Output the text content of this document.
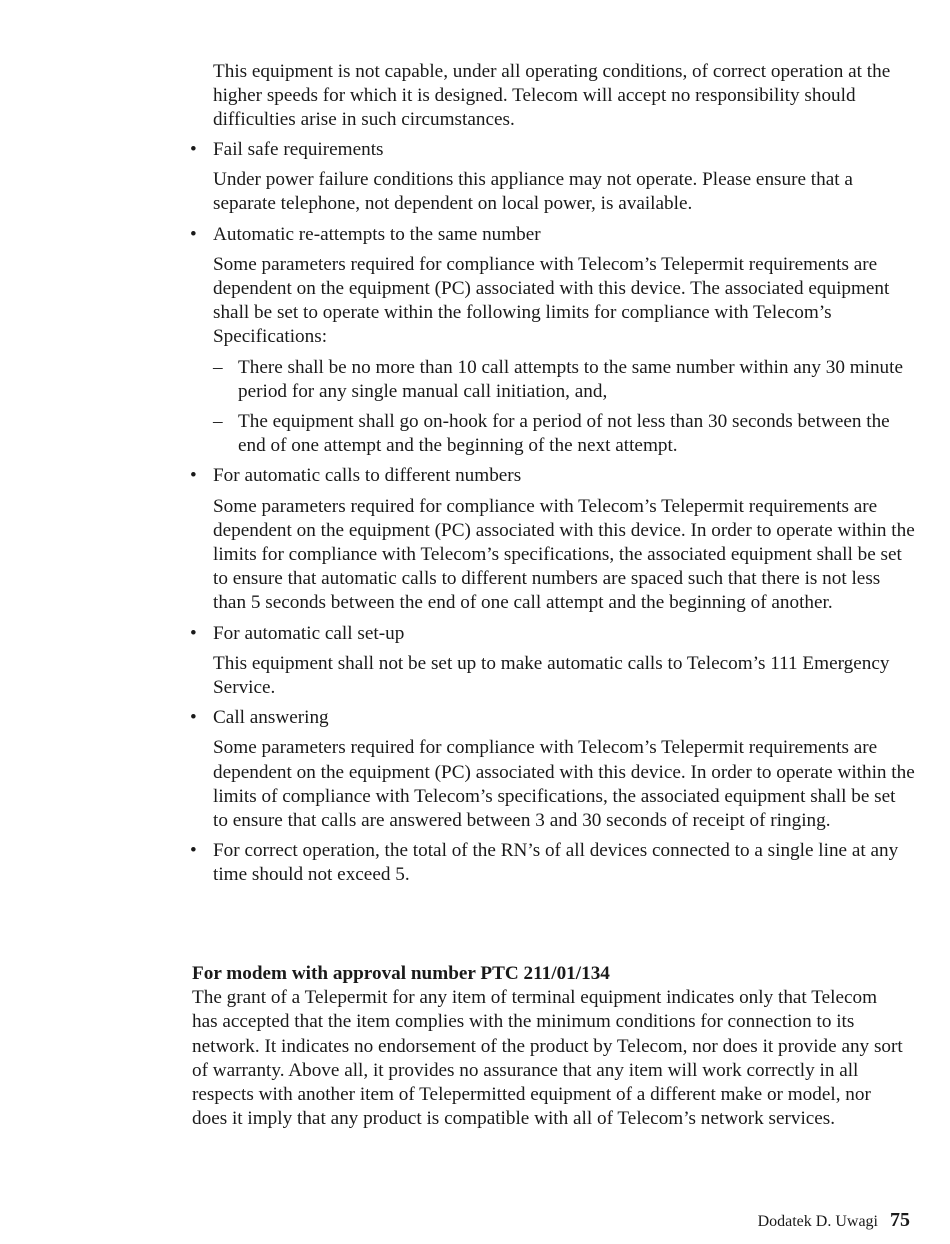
This equipment is not capable, under all operating conditions, of correct operation at the higher speeds for which it is designed. Telecom will accept no responsibility should difficulties arise in such circumstances.

• Fail safe requirements

Under power failure conditions this appliance may not operate. Please ensure that a separate telephone, not dependent on local power, is available.

• Automatic re-attempts to the same number

Some parameters required for compliance with Telecom’s Telepermit requirements are dependent on the equipment (PC) associated with this device. The associated equipment shall be set to operate within the following limits for compliance with Telecom’s Specifications:

– There shall be no more than 10 call attempts to the same number within any 30 minute period for any single manual call initiation, and,
– The equipment shall go on-hook for a period of not less than 30 seconds between the end of one attempt and the beginning of the next attempt.
• For automatic calls to different numbers

Some parameters required for compliance with Telecom’s Telepermit requirements are dependent on the equipment (PC) associated with this device. In order to operate within the limits for compliance with Telecom’s specifications, the associated equipment shall be set to ensure that automatic calls to different numbers are spaced such that there is not less than 5 seconds between the end of one call attempt and the beginning of another.

• For automatic call set-up

This equipment shall not be set up to make automatic calls to Telecom’s 111 Emergency Service.

• Call answering

Some parameters required for compliance with Telecom’s Telepermit requirements are dependent on the equipment (PC) associated with this device. In order to operate within the limits of compliance with Telecom’s specifications, the associated equipment shall be set to ensure that calls are answered between 3 and 30 seconds of receipt of ringing.

• For correct operation, the total of the RN’s of all devices connected to a single line at any time should not exceed 5.

For modem with approval number PTC 211/01/134

The grant of a Telepermit for any item of terminal equipment indicates only that Telecom has accepted that the item complies with the minimum conditions for connection to its network. It indicates no endorsement of the product by Telecom, nor does it provide any sort of warranty. Above all, it provides no assurance that any item will work correctly in all respects with another item of Telepermitted equipment of a different make or model, nor does it imply that any product is compatible with all of Telecom’s network services.

Dodatek D. Uwagi 75
